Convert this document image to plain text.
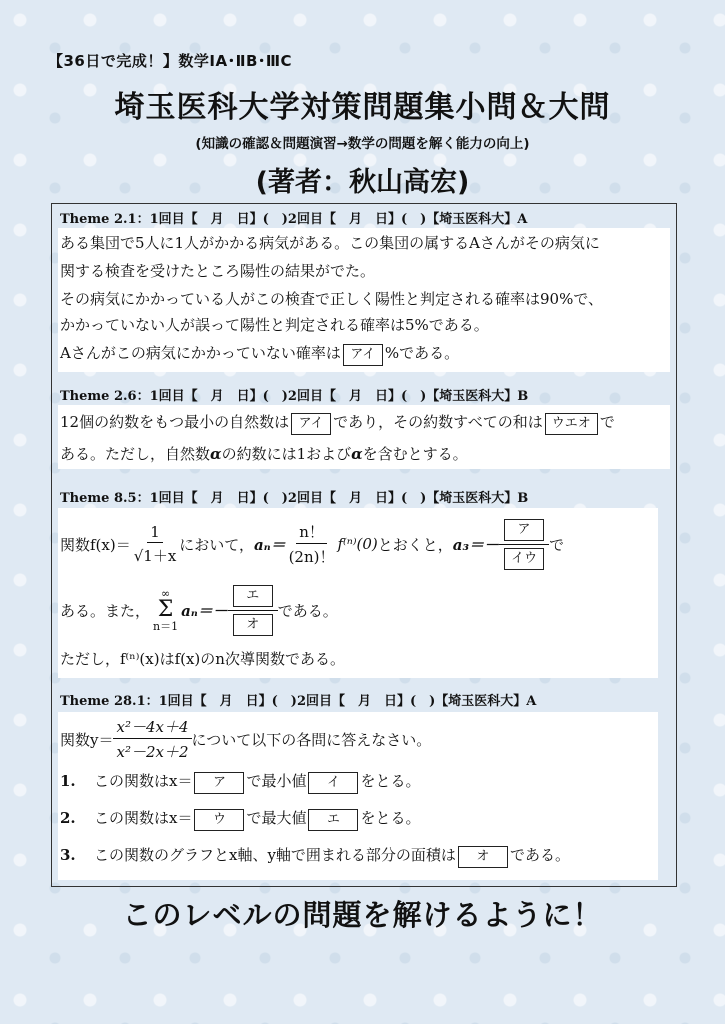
【36日で完成！】数学ⅠA･ⅡB･ⅢC
埼玉医科大学対策問題集小問＆大問
(知識の確認＆問題演習→数学の問題を解く能力の向上)
(著者：秋山高宏)
Theme 2.1：1回目【　月　日】(　)2回目【　月　日】(　)【埼玉医科大】A
ある集団で5人に1人がかかる病気がある。この集団の属するAさんがその病気に
関する検査を受けたところ陽性の結果がでた。
その病気にかかっている人がこの検査で正しく陽性と判定される確率は90%で、
かかっていない人が誤って陽性と判定される確率は5%である。
Aさんがこの病気にかかっていない確率は アイ %である。
Theme 2.6：1回目【　月　日】(　)2回目【　月　日】(　)【埼玉医科大】B
12個の約数をもつ最小の自然数は アイ であり，その約数すべての和は ウエオ で
ある。ただし，自然数αの約数には1およびαを含むとする。
Theme 8.5：1回目【　月　日】(　)2回目【　月　日】(　)【埼玉医科大】B
関数$f(x)= \frac{1}{√1+x}$ において， $a_n= \frac{n!}{(2n)!} f^{(n)}(0)$ とおくと， $a_3=- \frac{\text{ア}}{\text{イウ}}$ で
ある。また，
∞
Σ
n＝1
$a_n=- \frac{\text{エ}}{\text{オ}}$ である。
ただし，f⁽ⁿ⁾(x)はf(x)のn次導関数である。
Theme 28.1：1回目【　月　日】(　)2回目【　月　日】(　)【埼玉医科大】A
関数$y= \frac{\text{x²－4x＋4}}{\text{x²－2x＋2}}$ について以下の各問に答えなさい。
1. この関数はx＝ ア で最小値 イ をとる。
2. この関数はx＝ ウ で最大値 エ をとる。
3. この関数のグラフとx軸、y軸で囲まれる部分の面積は オ である。
このレベルの問題を解けるように！
